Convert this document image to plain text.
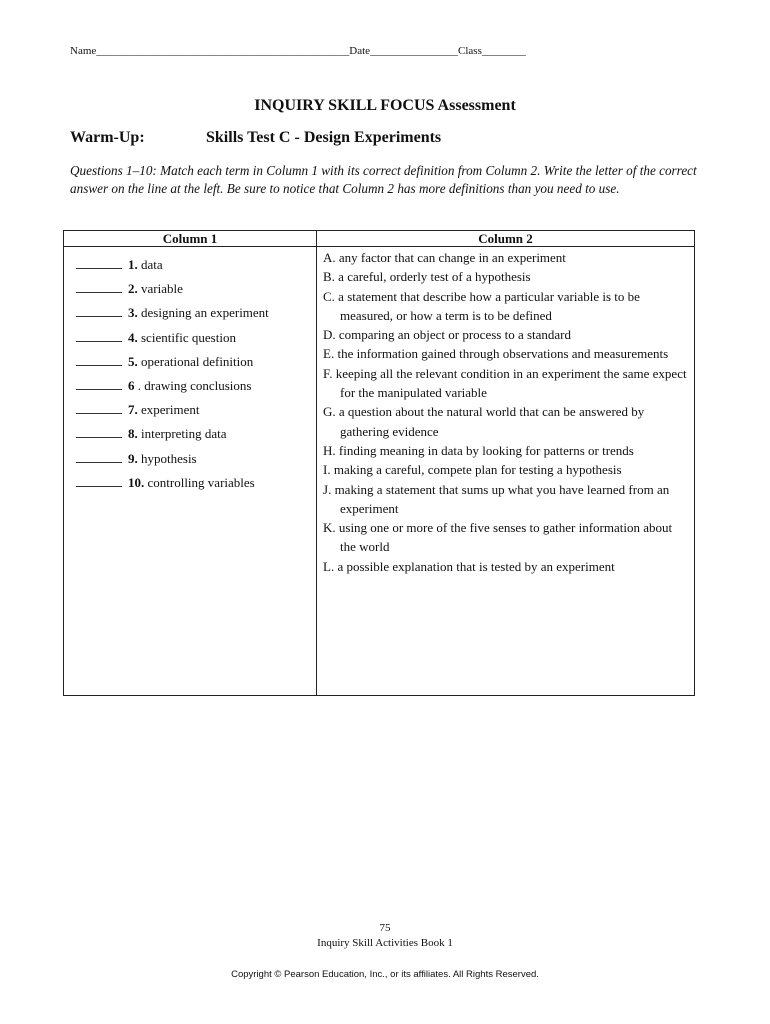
Name______________________________________________Date________________Class________
INQUIRY SKILL FOCUS Assessment
Warm-Up:	Skills Test C - Design Experiments
Questions 1–10: Match each term in Column 1 with its correct definition from Column 2. Write the letter of the correct answer on the line at the left. Be sure to notice that Column 2 has more definitions than you need to use.
Column 1	Column 2
1. data
2. variable
3. designing an experiment
4. scientific question
5. operational definition
6 . drawing conclusions
7. experiment
8. interpreting data
9. hypothesis
10. controlling variables
A. any factor that can change in an experiment
B. a careful, orderly test of a hypothesis
C. a statement that describe how a particular variable is to be measured, or how a term is to be defined
D. comparing an object or process to a standard
E. the information gained through observations and measurements
F. keeping all the relevant condition in an experiment the same expect for the manipulated variable
G. a question about the natural world that can be answered by gathering evidence
H. finding meaning in data by looking for patterns or trends
I. making a careful, compete plan for testing a hypothesis
J. making a statement that sums up what you have learned from an experiment
K. using one or more of the five senses to gather information about the world
L. a possible explanation that is tested by an experiment
75
Inquiry Skill Activities Book 1
Copyright © Pearson Education, Inc., or its affiliates. All Rights Reserved.
